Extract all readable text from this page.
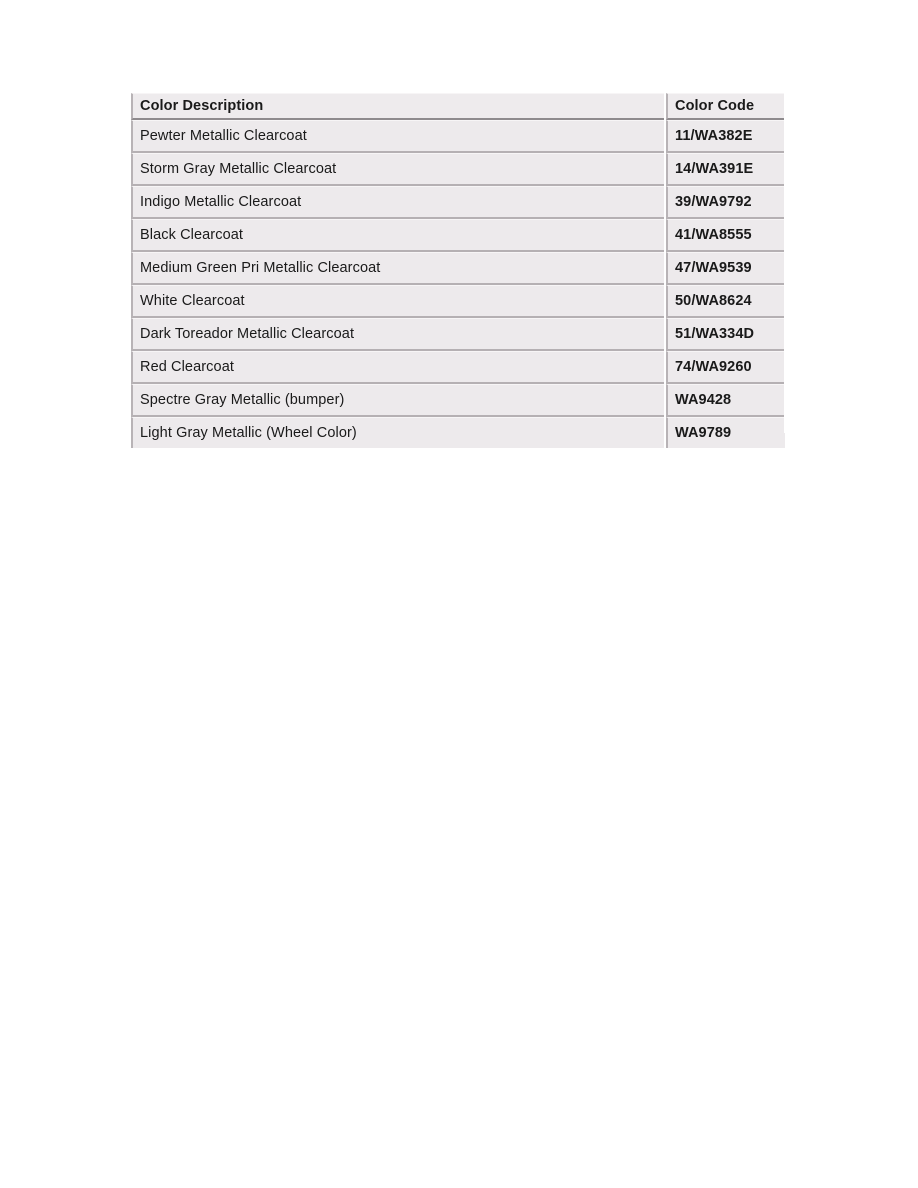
Color Description	Color Code
Pewter Metallic Clearcoat	11/WA382E
Storm Gray Metallic Clearcoat	14/WA391E
Indigo Metallic Clearcoat	39/WA9792
Black Clearcoat	41/WA8555
Medium Green Pri Metallic Clearcoat	47/WA9539
White Clearcoat	50/WA8624
Dark Toreador Metallic Clearcoat	51/WA334D
Red Clearcoat	74/WA9260
Spectre Gray Metallic (bumper)	WA9428
Light Gray Metallic (Wheel Color)	WA9789
